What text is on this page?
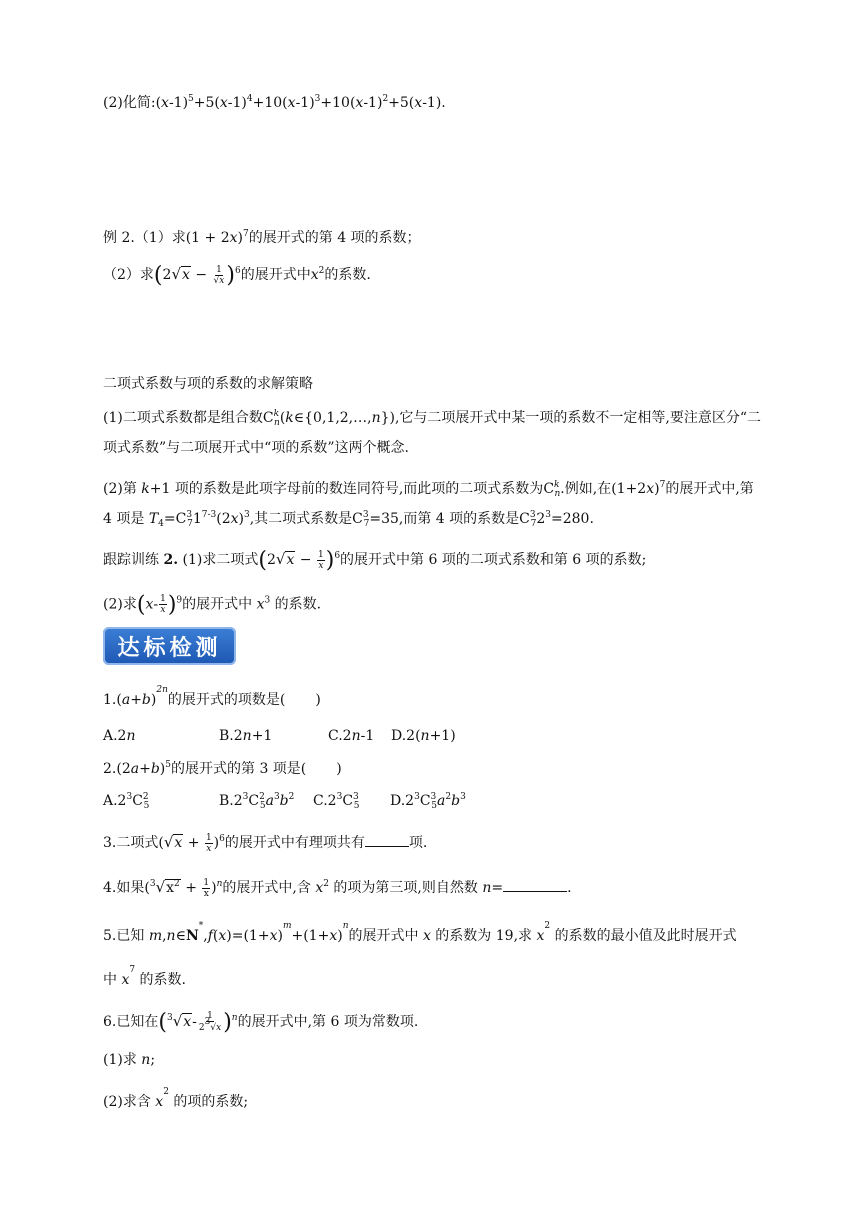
(2)化简$:(x-1)^5+5(x-1)^4+10(x-1)^3+10(x-1)^2+5(x-1)$.
例 2.（1）求$(1 + 2x)^7$的展开式的第 4 项的系数；
（2）求$(2√x - \frac{1}{√x} )^6$的展开式中$x^2$的系数.
二项式系数与项的系数的求解策略
(1)二项式系数都是组合数$C^k_n(k\in\{0,1,2,\dots,n\})$,它与二项展开式中某一项的系数不一定相等,要注意区分“二项式系数”与二项展开式中“项的系数”这两个概念.
(2)第 k+1 项的系数是此项字母前的数连同符号,而此项的二项式系数为$C^k_n$.例如,在$(1+2x)^7$的展开式中,第 4 项是 $T_4=C^3_71^{7-3}(2x)^3$,其二项式系数是$C^3_7=35$,而第 4 项的系数是$C^3_72^3=280$.
跟踪训练 2. (1)求二项式$(2√x - \frac{1}{x} )^6$的展开式中第 6 项的二项式系数和第 6 项的系数;
(2)求$(x- \frac{1}{x} )^9$的展开式中 $x^3$ 的系数.
达标检测
$1.(a+b)^{2n}$的展开式的项数是( )
A.2n	B.2n+1	C.2n-1 D.2(n+1)
$2.(2a+b)^5$的展开式的第 3 项是( )
$A.2^3C^2_5$	$B.2^3C^2_5a^3b^2$ $C.2^3C^3_5$ $D.2^3C^3_5a^2b^3$
3.二项式$(√x + \frac{1}{x} )^6$的展开式中有理项共有	项.
4.如果$(^3√x^2 + \frac{1}{x} )^n$的展开式中,含 $x^2$ 的项为第三项,则自然数 n=	.
5.已知 $m,n\in N^*,f(x)=(1+x)^m+(1+x)^n$的展开式中 x 的系数为 19,求 $x^2$ 的系数的最小值及此时展开式
中 $x^7$ 的系数.
6.已知在$(^3√x- \frac{1}{2^3√x} )^n$的展开式中,第 6 项为常数项.
(1)求 n;
(2)求含 $x^2$ 的项的系数;
